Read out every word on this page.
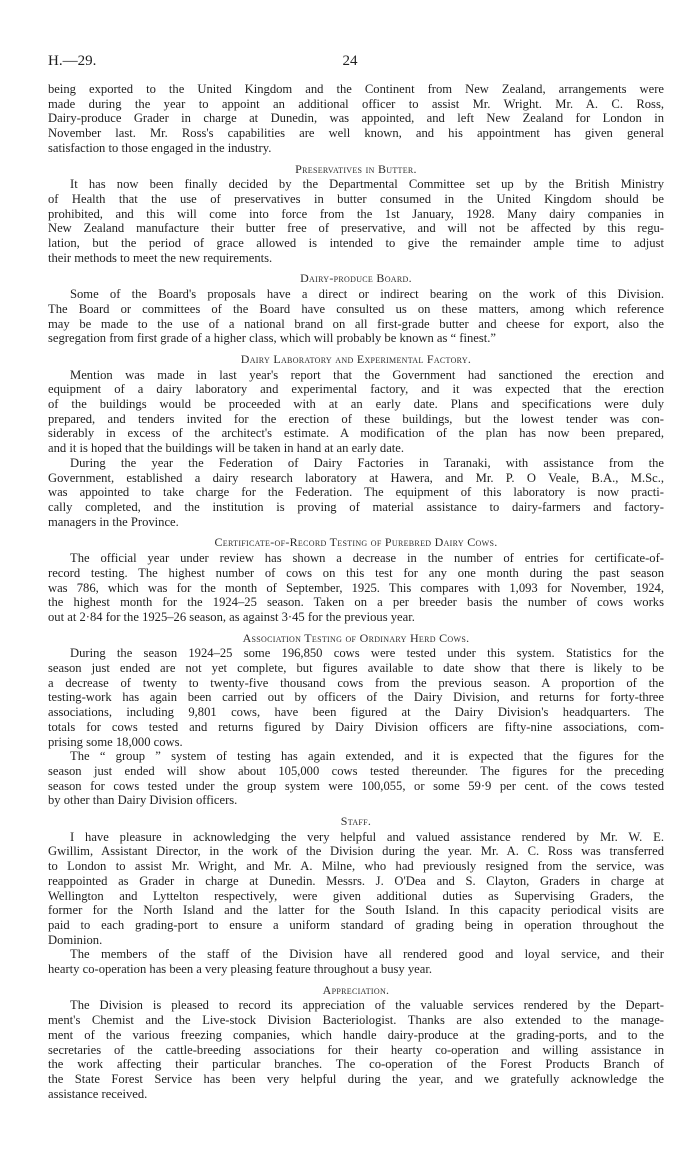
H.—29.	24
being exported to the United Kingdom and the Continent from New Zealand, arrangements were
made during the year to appoint an additional officer to assist Mr. Wright. Mr. A. C. Ross,
Dairy-produce Grader in charge at Dunedin, was appointed, and left New Zealand for London in
November last. Mr. Ross's capabilities are well known, and his appointment has given general
satisfaction to those engaged in the industry.
Preservatives in Butter.
It has now been finally decided by the Departmental Committee set up by the British Ministry
of Health that the use of preservatives in butter consumed in the United Kingdom should be
prohibited, and this will come into force from the 1st January, 1928. Many dairy companies in
New Zealand manufacture their butter free of preservative, and will not be affected by this regu-
lation, but the period of grace allowed is intended to give the remainder ample time to adjust
their methods to meet the new requirements.
Dairy-produce Board.
Some of the Board's proposals have a direct or indirect bearing on the work of this Division.
The Board or committees of the Board have consulted us on these matters, among which reference
may be made to the use of a national brand on all first-grade butter and cheese for export, also the
segregation from first grade of a higher class, which will probably be known as “ finest.”
Dairy Laboratory and Experimental Factory.
Mention was made in last year's report that the Government had sanctioned the erection and
equipment of a dairy laboratory and experimental factory, and it was expected that the erection
of the buildings would be proceeded with at an early date. Plans and specifications were duly
prepared, and tenders invited for the erection of these buildings, but the lowest tender was con-
siderably in excess of the architect's estimate. A modification of the plan has now been prepared,
and it is hoped that the buildings will be taken in hand at an early date.
During the year the Federation of Dairy Factories in Taranaki, with assistance from the
Government, established a dairy research laboratory at Hawera, and Mr. P. O Veale, B.A., M.Sc.,
was appointed to take charge for the Federation. The equipment of this laboratory is now practi-
cally completed, and the institution is proving of material assistance to dairy-farmers and factory-
managers in the Province.
Certificate-of-Record Testing of Purebred Dairy Cows.
The official year under review has shown a decrease in the number of entries for certificate-of-
record testing. The highest number of cows on this test for any one month during the past season
was 786, which was for the month of September, 1925. This compares with 1,093 for November, 1924,
the highest month for the 1924–25 season. Taken on a per breeder basis the number of cows works
out at 2·84 for the 1925–26 season, as against 3·45 for the previous year.
Association Testing of Ordinary Herd Cows.
During the season 1924–25 some 196,850 cows were tested under this system. Statistics for the
season just ended are not yet complete, but figures available to date show that there is likely to be
a decrease of twenty to twenty-five thousand cows from the previous season. A proportion of the
testing-work has again been carried out by officers of the Dairy Division, and returns for forty-three
associations, including 9,801 cows, have been figured at the Dairy Division's headquarters. The
totals for cows tested and returns figured by Dairy Division officers are fifty-nine associations, com-
prising some 18,000 cows.
The “ group ” system of testing has again extended, and it is expected that the figures for the
season just ended will show about 105,000 cows tested thereunder. The figures for the preceding
season for cows tested under the group system were 100,055, or some 59·9 per cent. of the cows tested
by other than Dairy Division officers.
Staff.
I have pleasure in acknowledging the very helpful and valued assistance rendered by Mr. W. E.
Gwillim, Assistant Director, in the work of the Division during the year. Mr. A. C. Ross was transferred
to London to assist Mr. Wright, and Mr. A. Milne, who had previously resigned from the service, was
reappointed as Grader in charge at Dunedin. Messrs. J. O'Dea and S. Clayton, Graders in charge at
Wellington and Lyttelton respectively, were given additional duties as Supervising Graders, the
former for the North Island and the latter for the South Island. In this capacity periodical visits are
paid to each grading-port to ensure a uniform standard of grading being in operation throughout the
Dominion.
The members of the staff of the Division have all rendered good and loyal service, and their
hearty co-operation has been a very pleasing feature throughout a busy year.
Appreciation.
The Division is pleased to record its appreciation of the valuable services rendered by the Depart-
ment's Chemist and the Live-stock Division Bacteriologist. Thanks are also extended to the manage-
ment of the various freezing companies, which handle dairy-produce at the grading-ports, and to the
secretaries of the cattle-breeding associations for their hearty co-operation and willing assistance in
the work affecting their particular branches. The co-operation of the Forest Products Branch of
the State Forest Service has been very helpful during the year, and we gratefully acknowledge the
assistance received.
